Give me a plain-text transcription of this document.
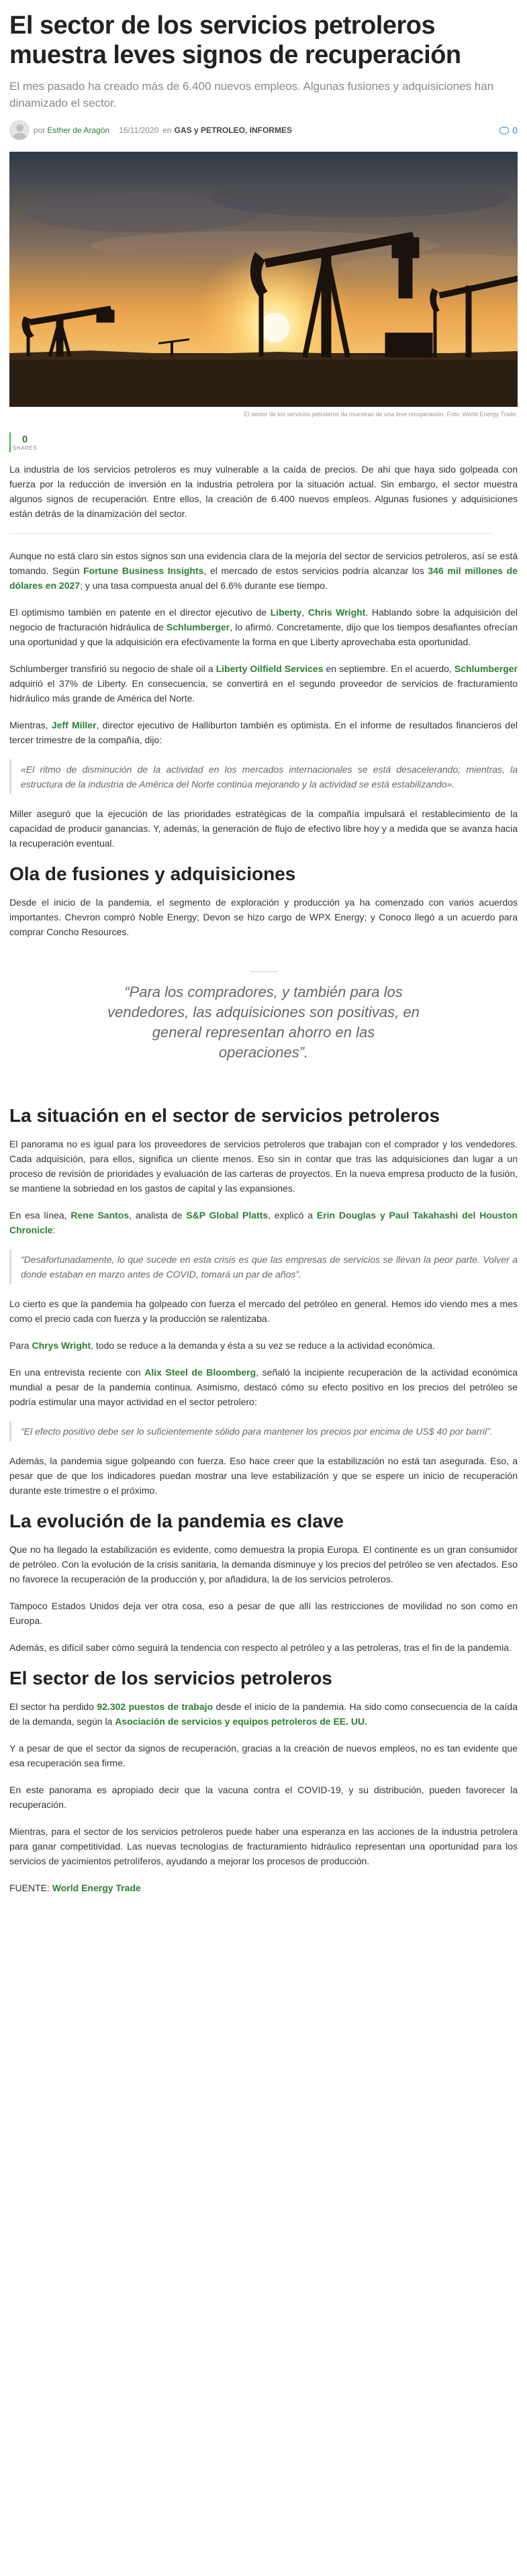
El sector de los servicios petroleros muestra leves signos de recuperación

El mes pasado ha creado más de 6.400 nuevos empleos. Algunas fusiones y adquisiciones han dinamizado el sector.

por Esther de Aragón 16/11/2020 en GAS y PETROLEO, INFORMES	0
El sector de los servicios petroleros da muestras de una leve recuperación. Foto: World Energy Trade.
0
SHARES

La industria de los servicios petroleros es muy vulnerable a la caída de precios. De ahí que haya sido golpeada con fuerza por la reducción de inversión en la industria petrolera por la situación actual. Sin embargo, el sector muestra algunos signos de recuperación. Entre ellos, la creación de 6.400 nuevos empleos. Algunas fusiones y adquisiciones están detrás de la dinamización del sector.

Aunque no está claro sin estos signos son una evidencia clara de la mejoría del sector de servicios petroleros, así se está tomando. Según Fortune Business Insights, el mercado de estos servicios podría alcanzar los 346 mil millones de dólares en 2027; y una tasa compuesta anual del 6.6% durante ese tiempo.

El optimismo también en patente en el director ejecutivo de Liberty, Chris Wright. Hablando sobre la adquisición del negocio de fracturación hidráulica de Schlumberger, lo afirmó. Concretamente, dijo que los tiempos desafiantes ofrecían una oportunidad y que la adquisición era efectivamente la forma en que Liberty aprovechaba esta oportunidad.

Schlumberger transfirió su negocio de shale oil a Liberty Oilfield Services en septiembre. En el acuerdo, Schlumberger adquirió el 37% de Liberty. En consecuencia, se convertirá en el segundo proveedor de servicios de fracturamiento hidráulico más grande de América del Norte.

Mientras, Jeff Miller, director ejecutivo de Halliburton también es optimista. En el informe de resultados financieros del tercer trimestre de la compañía, dijo:

«El ritmo de disminución de la actividad en los mercados internacionales se está desacelerando; mientras, la estructura de la industria de América del Norte continúa mejorando y la actividad se está estabilizando».

Miller aseguró que la ejecución de las prioridades estratégicas de la compañía impulsará el restablecimiento de la capacidad de producir ganancias. Y, además, la generación de flujo de efectivo libre hoy y a medida que se avanza hacia la recuperación eventual.

Ola de fusiones y adquisiciones

Desde el inicio de la pandemia, el segmento de exploración y producción ya ha comenzado con varios acuerdos importantes. Chevron compró Noble Energy; Devon se hizo cargo de WPX Energy; y Conoco llegó a un acuerdo para comprar Concho Resources.

“Para los compradores, y también para los vendedores, las adquisiciones son positivas, en general representan ahorro en las operaciones”.
La situación en el sector de servicios petroleros

El panorama no es igual para los proveedores de servicios petroleros que trabajan con el comprador y los vendedores. Cada adquisición, para ellos, significa un cliente menos. Eso sin in contar que tras las adquisiciones dan lugar a un proceso de revisión de prioridades y evaluación de las carteras de proyectos. En la nueva empresa producto de la fusión, se mantiene la sobriedad en los gastos de capital y las expansiones.

En esa línea, Rene Santos, analista de S&P Global Platts, explicó a Erin Douglas y Paul Takahashi del Houston Chronicle:

“Desafortunadamente, lo que sucede en esta crisis es que las empresas de servicios se llevan la peor parte. Volver a donde estaban en marzo antes de COVID, tomará un par de años”.

Lo cierto es que la pandemia ha golpeado con fuerza el mercado del petróleo en general. Hemos ido viendo mes a mes como el precio cada con fuerza y la producción se ralentizaba.

Para Chrys Wright, todo se reduce a la demanda y ésta a su vez se reduce a la actividad económica.

En una entrevista reciente con Alix Steel de Bloomberg, señaló la incipiente recuperación de la actividad económica mundial a pesar de la pandemia continua. Asimismo, destacó cómo su efecto positivo en los precios del petróleo se podría estimular una mayor actividad en el sector petrolero:

“El efecto positivo debe ser lo suficientemente sólido para mantener los precios por encima de US$ 40 por barril”.

Además, la pandemia sigue golpeando con fuerza. Eso hace creer que la estabilización no está tan asegurada. Eso, a pesar que de que los indicadores puedan mostrar una leve estabilización y que se espere un inicio de recuperación durante este trimestre o el próximo.

La evolución de la pandemia es clave

Que no ha llegado la estabilización es evidente, como demuestra la propia Europa. El continente es un gran consumidor de petróleo. Con la evolución de la crisis sanitaria, la demanda disminuye y los precios del petróleo se ven afectados. Eso no favorece la recuperación de la producción y, por añadidura, la de los servicios petroleros.

Tampoco Estados Unidos deja ver otra cosa, eso a pesar de que allí las restricciones de movilidad no son como en Europa.

Además, es difícil saber cómo seguirá la tendencia con respecto al petróleo y a las petroleras, tras el fin de la pandemia.

El sector de los servicios petroleros

El sector ha perdido 92.302 puestos de trabajo desde el inicio de la pandemia. Ha sido como consecuencia de la caída de la demanda, según la Asociación de servicios y equipos petroleros de EE. UU.

Y a pesar de que el sector da signos de recuperación, gracias a la creación de nuevos empleos, no es tan evidente que esa recuperación sea firme.

En este panorama es apropiado decir que la vacuna contra el COVID-19, y su distribución, pueden favorecer la recuperación.

Mientras, para el sector de los servicios petroleros puede haber una esperanza en las acciones de la industria petrolera para ganar competitividad. Las nuevas tecnologías de fracturamiento hidráulico representan una oportunidad para los servicios de yacimientos petrolíferos, ayudando a mejorar los procesos de producción.

FUENTE: World Energy Trade
